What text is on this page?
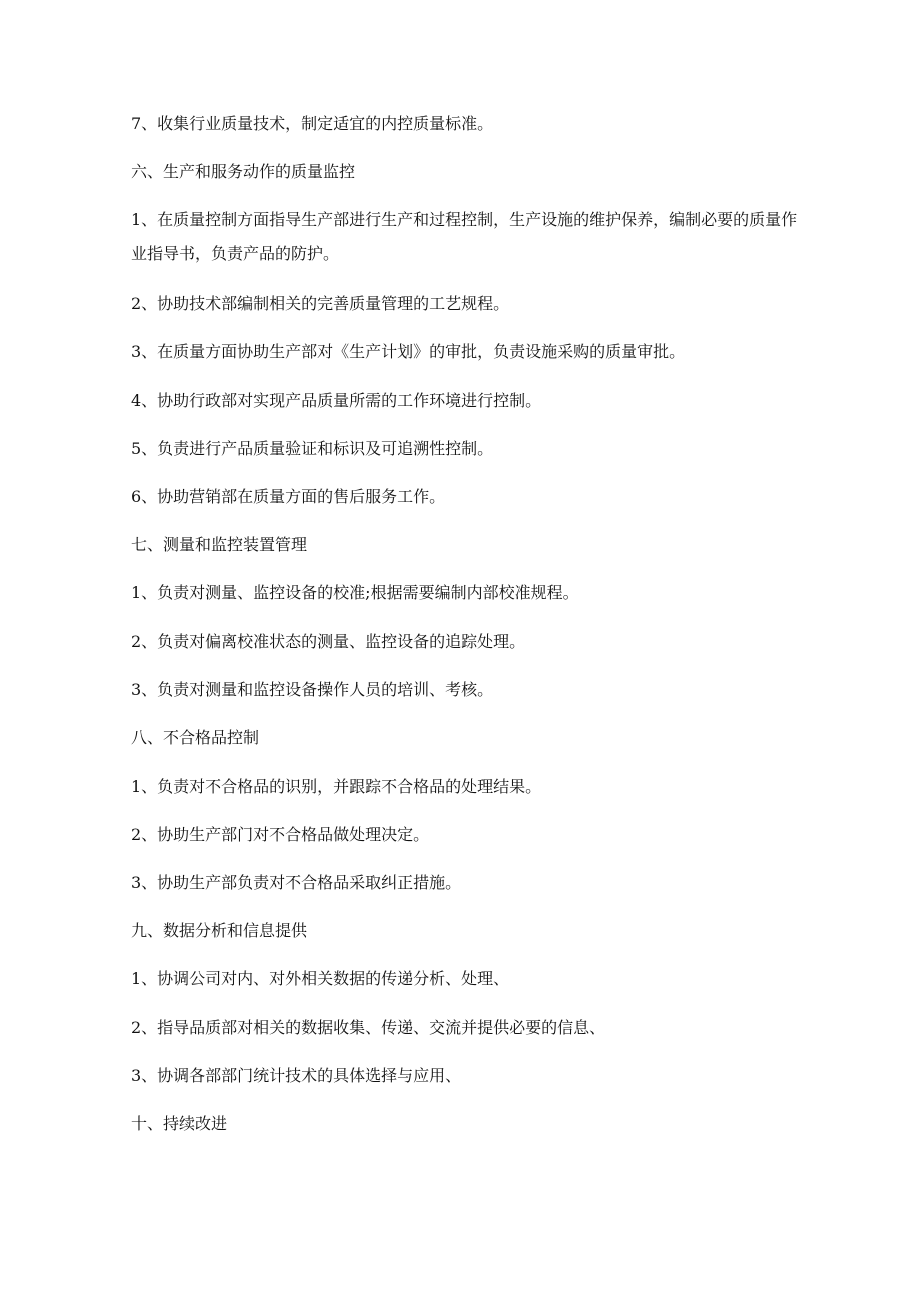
7、收集行业质量技术，制定适宜的内控质量标准。

六、生产和服务动作的质量监控

1、在质量控制方面指导生产部进行生产和过程控制，生产设施的维护保养，编制必要的质量作业指导书，负责产品的防护。

2、协助技术部编制相关的完善质量管理的工艺规程。

3、在质量方面协助生产部对《生产计划》的审批，负责设施采购的质量审批。

4、协助行政部对实现产品质量所需的工作环境进行控制。

5、负责进行产品质量验证和标识及可追溯性控制。

6、协助营销部在质量方面的售后服务工作。

七、测量和监控装置管理

1、负责对测量、监控设备的校准;根据需要编制内部校准规程。

2、负责对偏离校准状态的测量、监控设备的追踪处理。

3、负责对测量和监控设备操作人员的培训、考核。

八、不合格品控制

1、负责对不合格品的识别，并跟踪不合格品的处理结果。

2、协助生产部门对不合格品做处理决定。

3、协助生产部负责对不合格品采取纠正措施。

九、数据分析和信息提供

1、协调公司对内、对外相关数据的传递分析、处理、

2、指导品质部对相关的数据收集、传递、交流并提供必要的信息、

3、协调各部部门统计技术的具体选择与应用、

十、持续改进
